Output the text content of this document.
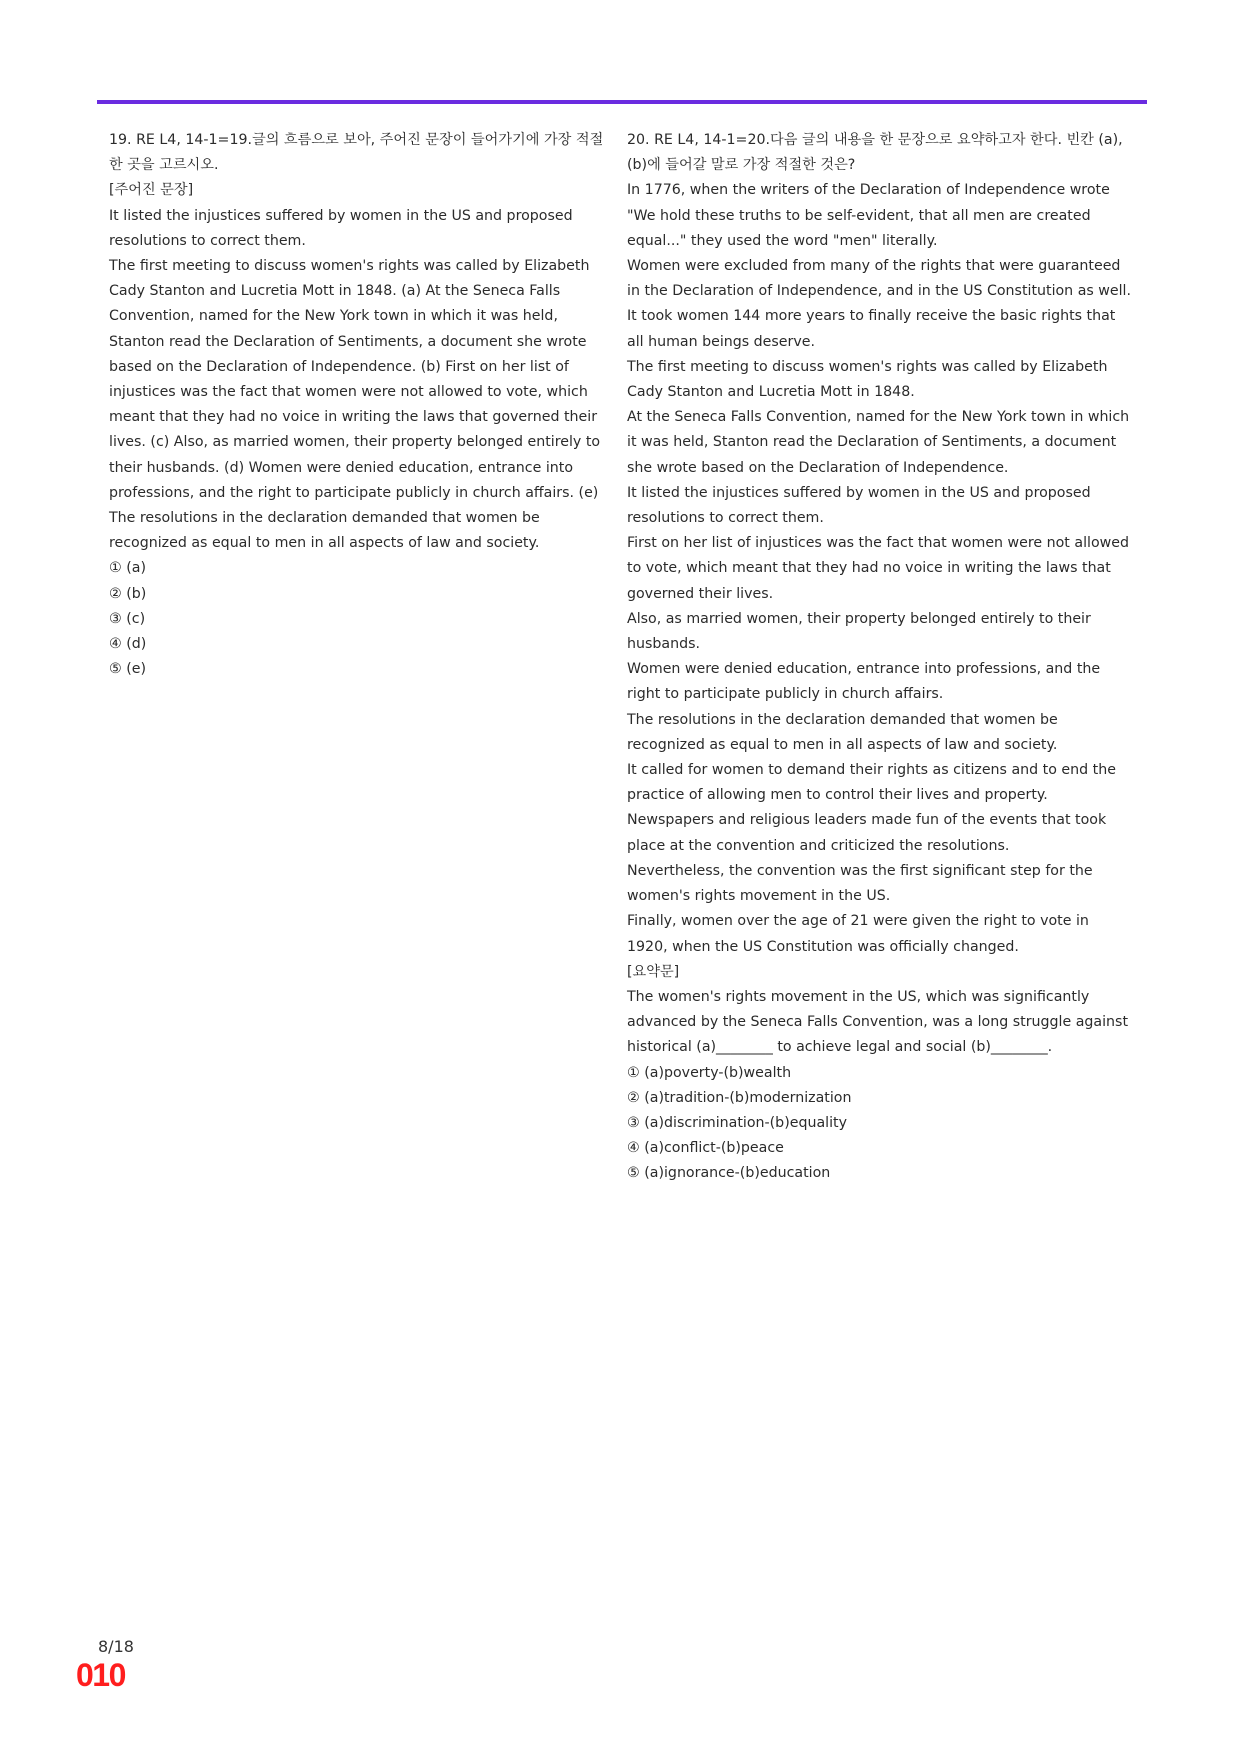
19. RE L4, 14-1=19.글의 흐름으로 보아, 주어진 문장이 들어가기에 가장 적절한 곳을 고르시오.

[주어진 문장]

It listed the injustices suffered by women in the US and proposed resolutions to correct them.

The first meeting to discuss women's rights was called by Elizabeth Cady Stanton and Lucretia Mott in 1848. (a) At the Seneca Falls Convention, named for the New York town in which it was held, Stanton read the Declaration of Sentiments, a document she wrote based on the Declaration of Independence. (b) First on her list of injustices was the fact that women were not allowed to vote, which meant that they had no voice in writing the laws that governed their lives. (c) Also, as married women, their property belonged entirely to their husbands. (d) Women were denied education, entrance into professions, and the right to participate publicly in church affairs. (e) The resolutions in the declaration demanded that women be recognized as equal to men in all aspects of law and society.

① (a)
② (b)
③ (c)
④ (d)
⑤ (e)

20. RE L4, 14-1=20.다음 글의 내용을 한 문장으로 요약하고자 한다. 빈칸 (a), (b)에 들어갈 말로 가장 적절한 것은?

In 1776, when the writers of the Declaration of Independence wrote "We hold these truths to be self-evident, that all men are created equal..." they used the word "men" literally.

Women were excluded from many of the rights that were guaranteed in the Declaration of Independence, and in the US Constitution as well.

It took women 144 more years to finally receive the basic rights that all human beings deserve.

The first meeting to discuss women's rights was called by Elizabeth Cady Stanton and Lucretia Mott in 1848.

At the Seneca Falls Convention, named for the New York town in which it was held, Stanton read the Declaration of Sentiments, a document she wrote based on the Declaration of Independence.

It listed the injustices suffered by women in the US and proposed resolutions to correct them.

First on her list of injustices was the fact that women were not allowed to vote, which meant that they had no voice in writing the laws that governed their lives.

Also, as married women, their property belonged entirely to their husbands.

Women were denied education, entrance into professions, and the right to participate publicly in church affairs.

The resolutions in the declaration demanded that women be recognized as equal to men in all aspects of law and society.

It called for women to demand their rights as citizens and to end the practice of allowing men to control their lives and property.

Newspapers and religious leaders made fun of the events that took place at the convention and criticized the resolutions.

Nevertheless, the convention was the first significant step for the women's rights movement in the US.

Finally, women over the age of 21 were given the right to vote in 1920, when the US Constitution was officially changed.

[요약문]

The women's rights movement in the US, which was significantly advanced by the Seneca Falls Convention, was a long struggle against historical (a)________ to achieve legal and social (b)________.

① (a)poverty-(b)wealth
② (a)tradition-(b)modernization
③ (a)discrimination-(b)equality
④ (a)conflict-(b)peace
⑤ (a)ignorance-(b)education
8/18
010
